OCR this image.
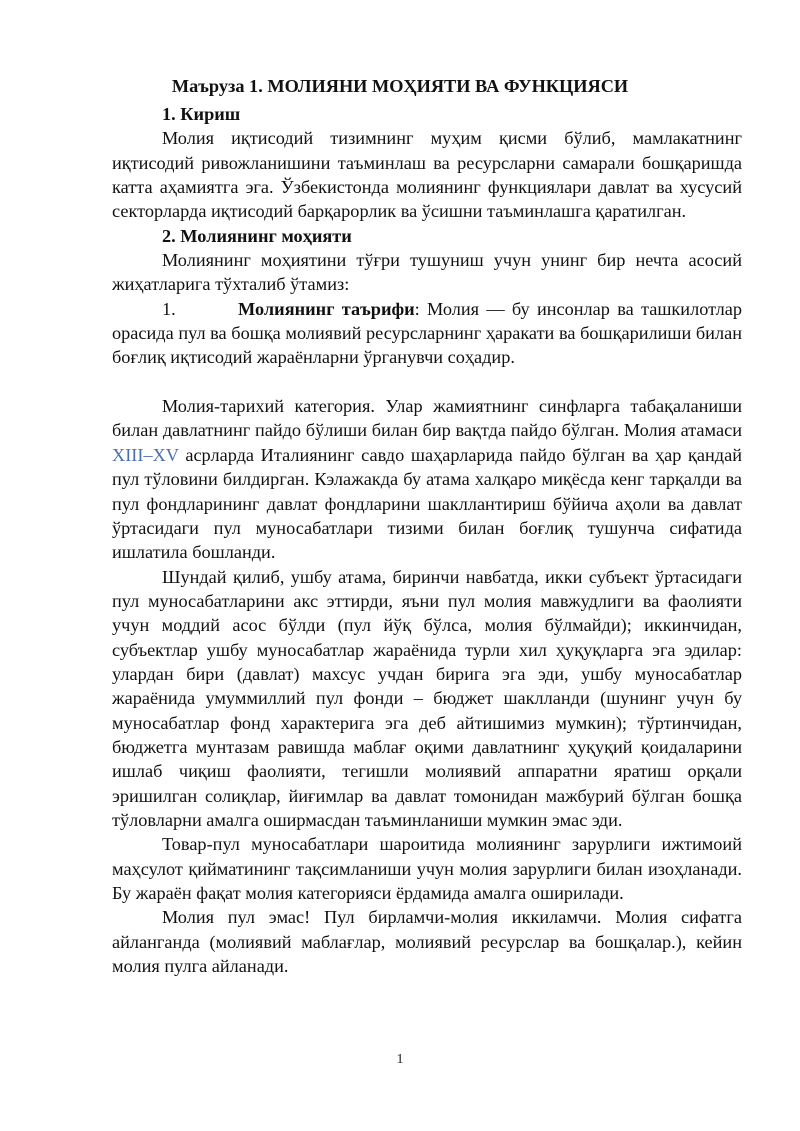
Маъруза 1. МОЛИЯНИ МОҲИЯТИ ВА ФУНКЦИЯСИ
1. Кириш

Молия иқтисодий тизимнинг муҳим қисми бўлиб, мамлакатнинг иқтисодий ривожланишини таъминлаш ва ресурсларни самарали бошқаришда катта аҳамиятга эга. Ўзбекистонда молиянинг функциялари давлат ва хусусий секторларда иқтисодий барқарорлик ва ўсишни таъминлашга қаратилган.

2. Молиянинг моҳияти

Молиянинг моҳиятини тўғри тушуниш учун унинг бир нечта асосий жиҳатларига тўхталиб ўтамиз:

1.	Молиянинг таърифи: Молия — бу инсонлар ва ташкилотлар орасида пул ва бошқа молиявий ресурсларнинг ҳаракати ва бошқарилиши билан боғлиқ иқтисодий жараёнларни ўрганувчи соҳадир.

Молия-тарихий категория. Улар жамиятнинг синфларга табақаланиши билан давлатнинг пайдо бўлиши билан бир вақтда пайдо бўлган. Молия атамаси XIII–XV асрларда Италиянинг савдо шаҳарларида пайдо бўлган ва ҳар қандай пул тўловини билдирган. Кэлажакда бу атама халқаро миқёсда кенг тарқалди ва пул фондларининг давлат фондларини шакллантириш бўйича аҳоли ва давлат ўртасидаги пул муносабатлари тизими билан боғлиқ тушунча сифатида ишлатила бошланди.

Шундай қилиб, ушбу атама, биринчи навбатда, икки субъект ўртасидаги пул муносабатларини акс эттирди, яъни пул молия мавжудлиги ва фаолияти учун моддий асос бўлди (пул йўқ бўлса, молия бўлмайди); иккинчидан, субъектлар ушбу муносабатлар жараёнида турли хил ҳуқуқларга эга эдилар: улардан бири (давлат) махсус учдан бирига эга эди, ушбу муносабатлар жараёнида умуммиллий пул фонди – бюджет шаклланди (шунинг учун бу муносабатлар фонд характерига эга деб айтишимиз мумкин); тўртинчидан, бюджетга мунтазам равишда маблағ оқими давлатнинг ҳуқуқий қоидаларини ишлаб чиқиш фаолияти, тегишли молиявий аппаратни яратиш орқали эришилган солиқлар, йиғимлар ва давлат томонидан мажбурий бўлган бошқа тўловларни амалга оширмасдан таъминланиши мумкин эмас эди.

Товар-пул муносабатлари шароитида молиянинг зарурлиги ижтимоий маҳсулот қийматининг тақсимланиши учун молия зарурлиги билан изоҳланади. Бу жараён фақат молия категорияси ёрдамида амалга оширилади.

Молия пул эмас! Пул бирламчи-молия иккиламчи. Молия сифатга айланганда (молиявий маблағлар, молиявий ресурслар ва бошқалар.), кейин молия пулга айланади.

1
